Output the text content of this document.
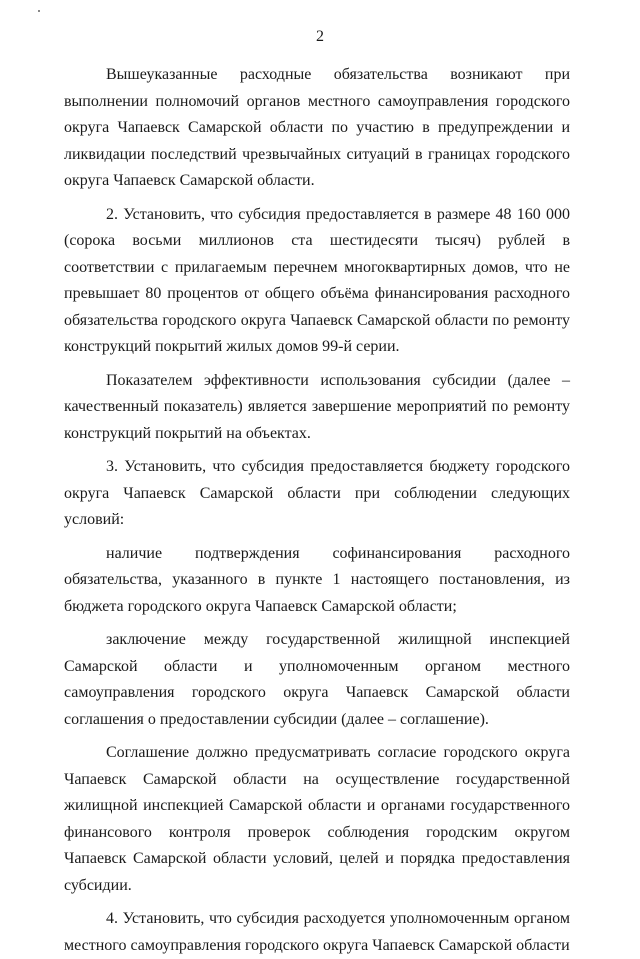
2

Вышеуказанные расходные обязательства возникают при выполнении полномочий органов местного самоуправления городского округа Чапаевск Самарской области по участию в предупреждении и ликвидации последствий чрезвычайных ситуаций в границах городского округа Чапаевск Самарской области.

2. Установить, что субсидия предоставляется в размере 48 160 000 (сорока восьми миллионов ста шестидесяти тысяч) рублей в соответствии с прилагаемым перечнем многоквартирных домов, что не превышает 80 процентов от общего объёма финансирования расходного обязательства городского округа Чапаевск Самарской области по ремонту конструкций покрытий жилых домов 99-й серии.

Показателем эффективности использования субсидии (далее – качественный показатель) является завершение мероприятий по ремонту конструкций покрытий на объектах.

3. Установить, что субсидия предоставляется бюджету городского округа Чапаевск Самарской области при соблюдении следующих условий:

наличие подтверждения софинансирования расходного обязательства, указанного в пункте 1 настоящего постановления, из бюджета городского округа Чапаевск Самарской области;

заключение между государственной жилищной инспекцией Самарской области и уполномоченным органом местного самоуправления городского округа Чапаевск Самарской области соглашения о предоставлении субсидии (далее – соглашение).

Соглашение должно предусматривать согласие городского округа Чапаевск Самарской области на осуществление государственной жилищной инспекцией Самарской области и органами государственного финансового контроля проверок соблюдения городским округом Чапаевск Самарской области условий, целей и порядка предоставления субсидии.

4. Установить, что субсидия расходуется уполномоченным органом местного самоуправления городского округа Чапаевск Самарской области
